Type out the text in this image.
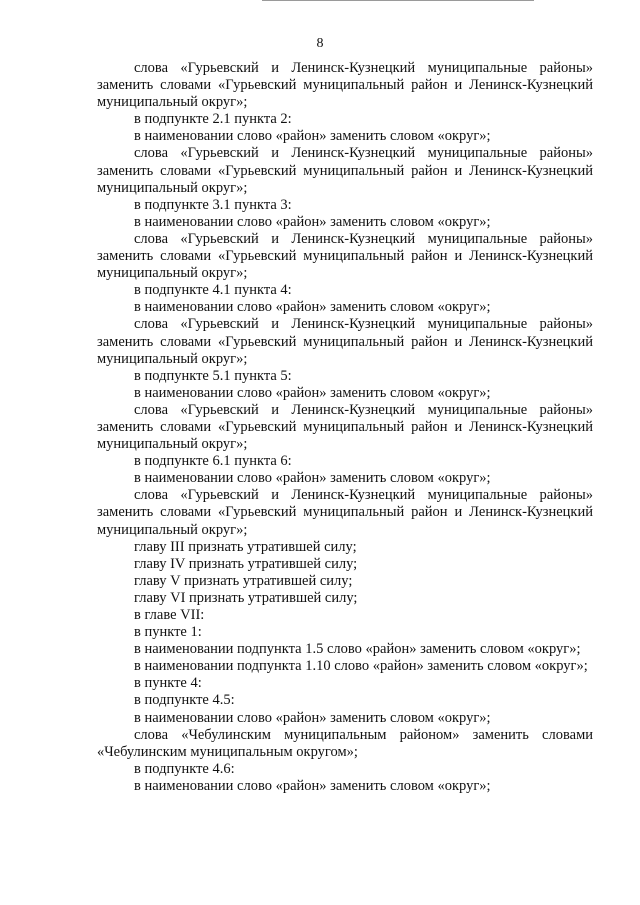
8

слова «Гурьевский и Ленинск-Кузнецкий муниципальные районы» заменить словами «Гурьевский муниципальный район и Ленинск-Кузнецкий муниципальный округ»;

в подпункте 2.1 пункта 2:

в наименовании слово «район» заменить словом «округ»;

слова «Гурьевский и Ленинск-Кузнецкий муниципальные районы» заменить словами «Гурьевский муниципальный район и Ленинск-Кузнецкий муниципальный округ»;

в подпункте 3.1 пункта 3:

в наименовании слово «район» заменить словом «округ»;

слова «Гурьевский и Ленинск-Кузнецкий муниципальные районы» заменить словами «Гурьевский муниципальный район и Ленинск-Кузнецкий муниципальный округ»;

в подпункте 4.1 пункта 4:

в наименовании слово «район» заменить словом «округ»;

слова «Гурьевский и Ленинск-Кузнецкий муниципальные районы» заменить словами «Гурьевский муниципальный район и Ленинск-Кузнецкий муниципальный округ»;

в подпункте 5.1 пункта 5:

в наименовании слово «район» заменить словом «округ»;

слова «Гурьевский и Ленинск-Кузнецкий муниципальные районы» заменить словами «Гурьевский муниципальный район и Ленинск-Кузнецкий муниципальный округ»;

в подпункте 6.1 пункта 6:

в наименовании слово «район» заменить словом «округ»;

слова «Гурьевский и Ленинск-Кузнецкий муниципальные районы» заменить словами «Гурьевский муниципальный район и Ленинск-Кузнецкий муниципальный округ»;

главу III признать утратившей силу;

главу IV признать утратившей силу;

главу V признать утратившей силу;

главу VI признать утратившей силу;

в главе VII:

в пункте 1:

в наименовании подпункта 1.5 слово «район» заменить словом «округ»;

в наименовании подпункта 1.10 слово «район» заменить словом «округ»;

в пункте 4:

в подпункте 4.5:

в наименовании слово «район» заменить словом «округ»;

слова «Чебулинским муниципальным районом» заменить словами «Чебулинским муниципальным округом»;

в подпункте 4.6:

в наименовании слово «район» заменить словом «округ»;
